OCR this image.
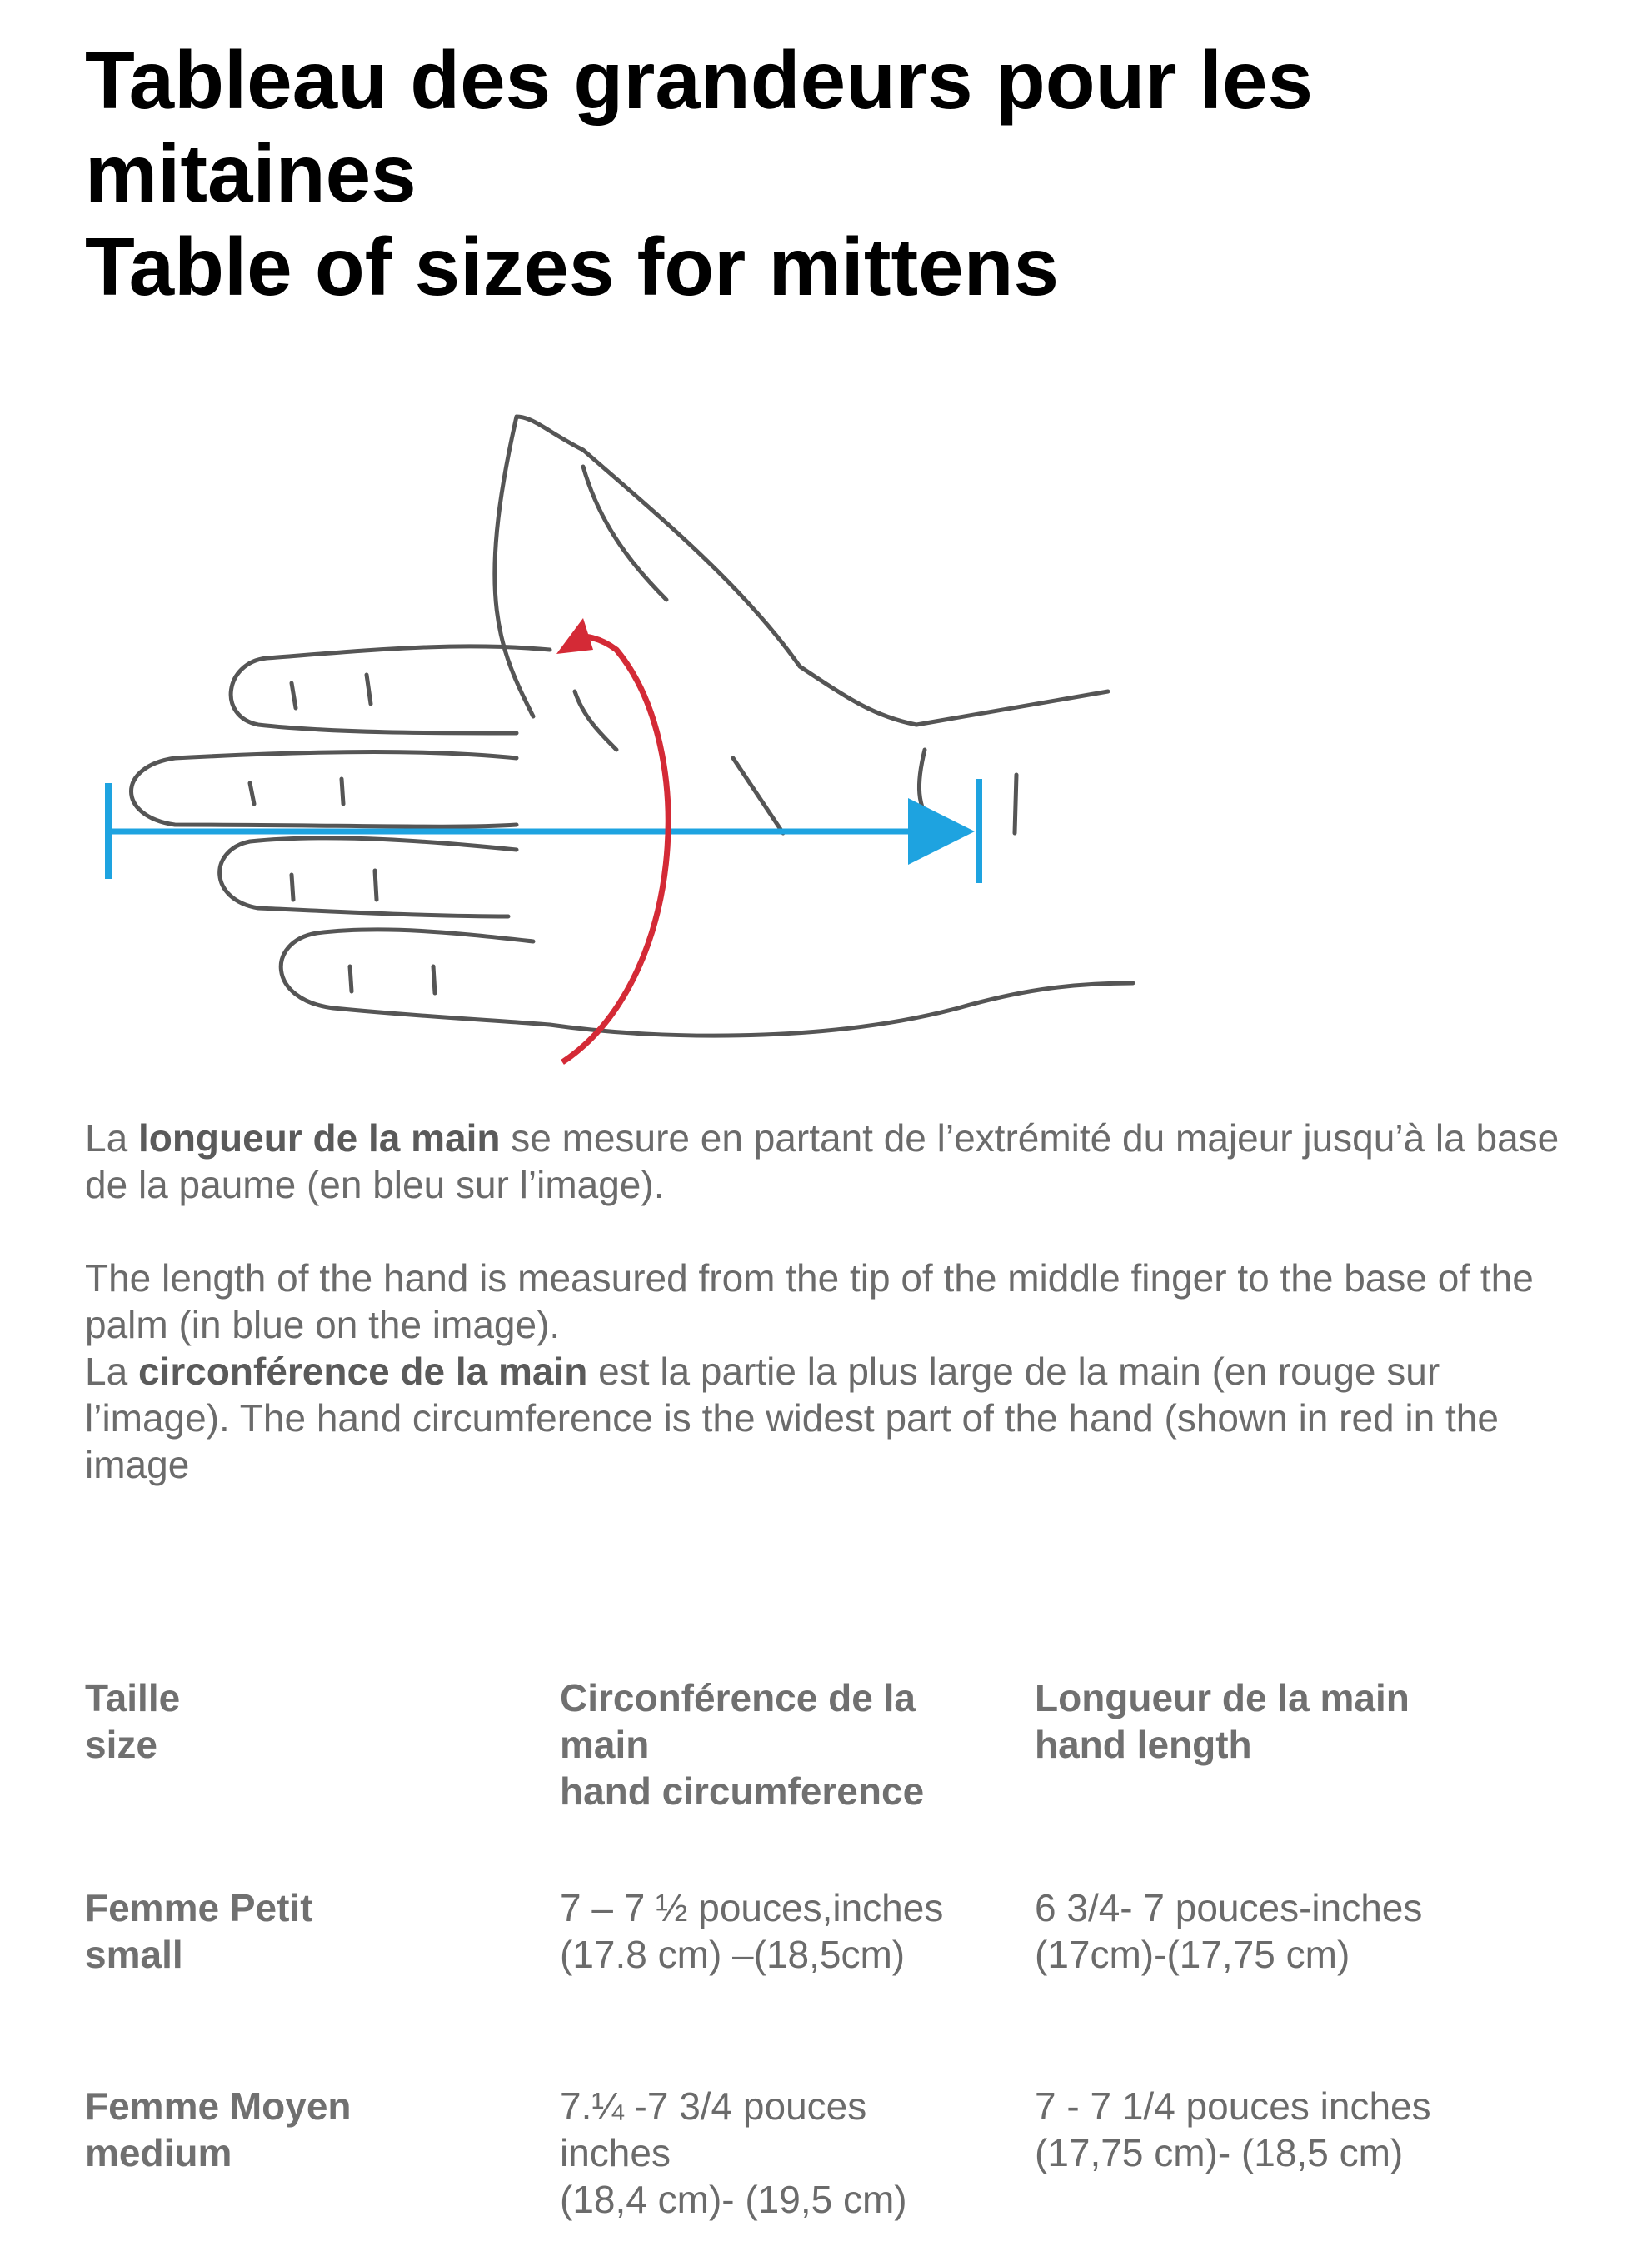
Tableau des grandeurs pour les
mitaines
Table of sizes for mittens

La longueur de la main se mesure en partant de l’extrémité du majeur jusqu’à la base de la paume (en bleu sur l’image).

The length of the hand is measured from the tip of the middle finger to the base of the palm (in blue on the image).
La circonférence de la main est la partie la plus large de la main (en rouge sur l’image). The hand circumference is the widest part of the hand (shown in red in the image
Taille
size
Circonférence de la
main
hand circumference
Longueur de la main
hand length
Femme Petit
small
7 – 7 ½ pouces,inches
(17.8 cm) –(18,5cm)
6 3/4- 7 pouces-inches
(17cm)-(17,75 cm)
Femme Moyen
medium
7.¼ -7 3/4 pouces
inches
(18,4 cm)- (19,5 cm)
7 - 7 1/4 pouces inches
(17,75 cm)- (18,5 cm)
